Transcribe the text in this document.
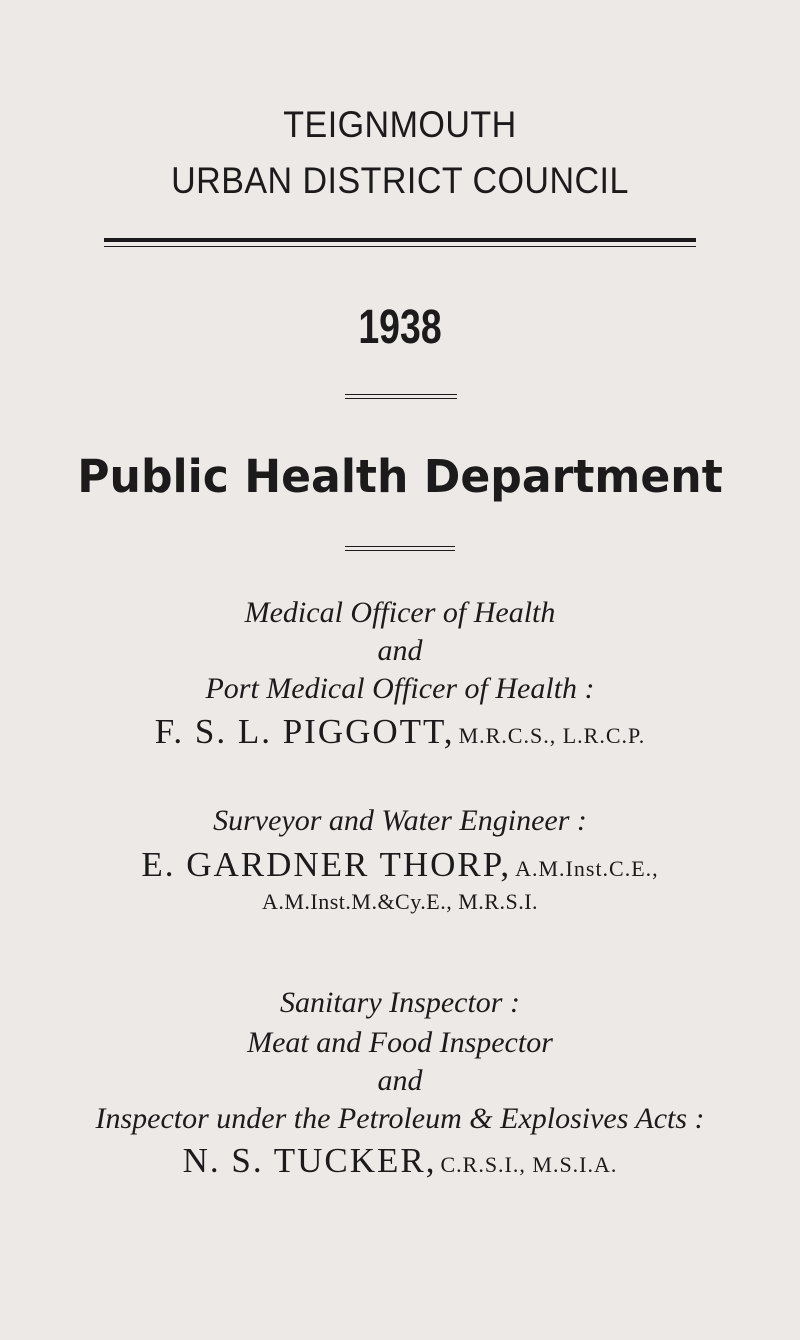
TEIGNMOUTH
URBAN DISTRICT COUNCIL
1938
Public Health Department
Medical Officer of Health
and
Port Medical Officer of Health :
F. S. L. PIGGOTT, M.R.C.S., L.R.C.P.
Surveyor and Water Engineer :
E. GARDNER THORP, A.M.Inst.C.E.,
A.M.Inst.M.&Cy.E., M.R.S.I.
Sanitary Inspector :
Meat and Food Inspector
and
Inspector under the Petroleum & Explosives Acts :
N. S. TUCKER, C.R.S.I., M.S.I.A.
